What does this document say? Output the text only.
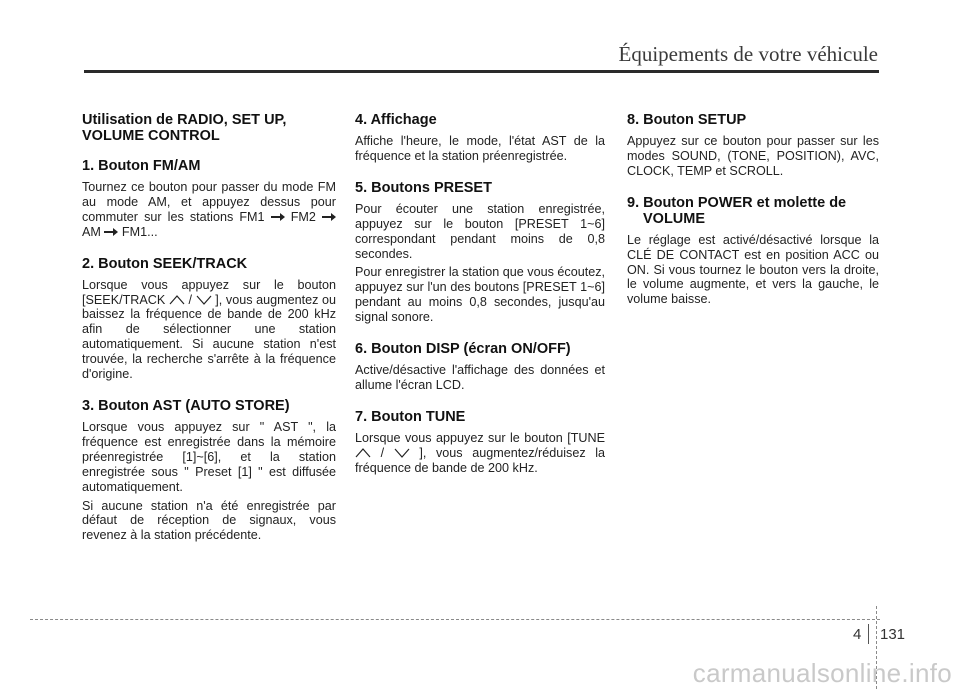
Équipements de votre véhicule
Utilisation de RADIO, SET UP, VOLUME CONTROL
1. Bouton FM/AM

Tournez ce bouton pour passer du mode FM au mode AM, et appuyez dessus pour commuter sur les stations FM1 FM2
AM FM1...

2. Bouton SEEK/TRACK

Lorsque vous appuyez sur le bouton [SEEK/TRACK / ], vous augmentez ou baissez la fréquence de bande de 200 kHz afin de sélectionner une station automatiquement. Si aucune station n'est trouvée, la recherche s'arrête à la fréquence d'origine.

3. Bouton AST (AUTO STORE)

Lorsque vous appuyez sur " AST ", la fréquence est enregistrée dans la mémoire préenregistrée [1]~[6], et la station enregistrée sous " Preset [1] " est diffusée automatiquement.

Si aucune station n'a été enregistrée par défaut de réception de signaux, vous revenez à la station précédente.

4. Affichage

Affiche l'heure, le mode, l'état AST de la fréquence et la station préenregistrée.

5. Boutons PRESET

Pour écouter une station enregistrée, appuyez sur le bouton [PRESET 1~6] correspondant pendant moins de 0,8 secondes.

Pour enregistrer la station que vous écoutez, appuyez sur l'un des boutons [PRESET 1~6] pendant au moins 0,8 secondes, jusqu'au signal sonore.

6. Bouton DISP (écran ON/OFF)

Active/désactive l'affichage des données et allume l'écran LCD.

7. Bouton TUNE

Lorsque vous appuyez sur le bouton [TUNE
/	], vous augmentez/réduisez la fréquence de bande de 200 kHz.

8. Bouton SETUP

Appuyez sur ce bouton pour passer sur les modes SOUND, (TONE, POSITION), AVC, CLOCK, TEMP et SCROLL.

9. Bouton POWER et molette de VOLUME

Le réglage est activé/désactivé lorsque la CLÉ DE CONTACT est en position ACC ou ON. Si vous tournez le bouton vers la droite, le volume augmente, et vers la gauche, le volume baisse.

4 131
carmanualsonline.info
